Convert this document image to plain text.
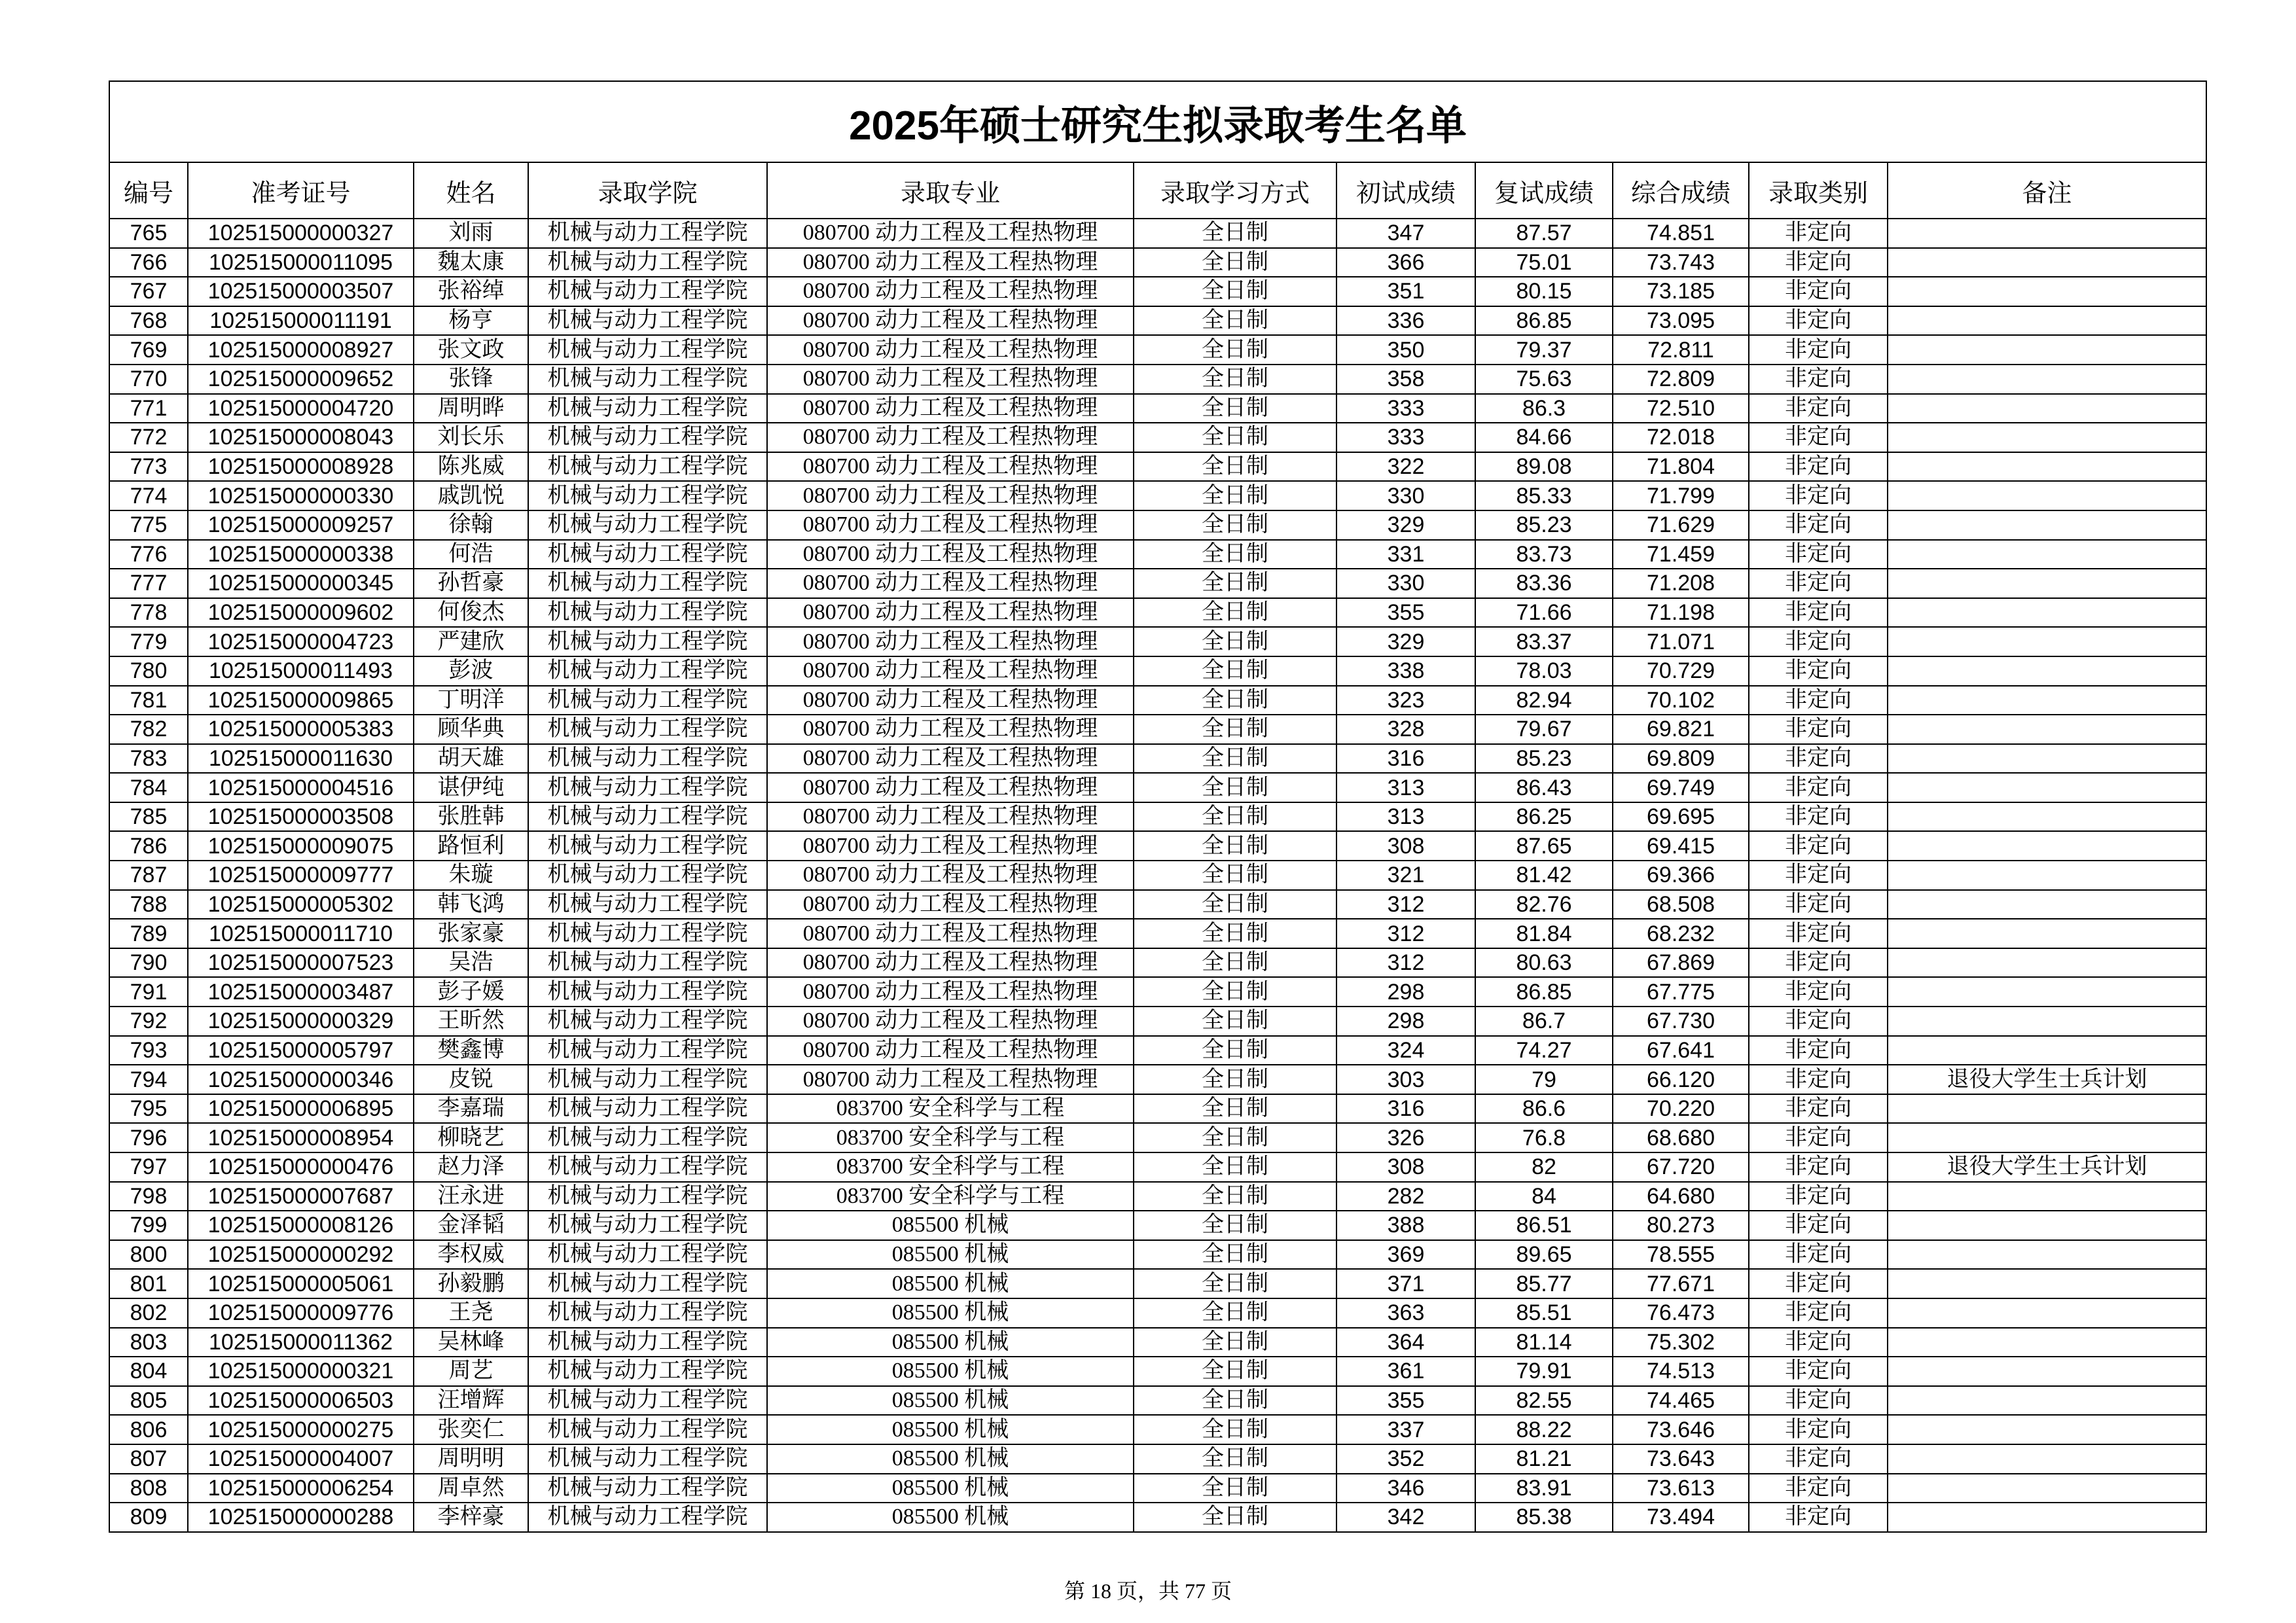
2025年硕士研究生拟录取考生名单										
编号	准考证号	姓名	录取学院	录取专业	录取学习方式	初试成绩	复试成绩	综合成绩	录取类别	备注
765	102515000000327	刘雨	机械与动力工程学院	080700 动力工程及工程热物理	全日制	347	87.57	74.851	非定向	
766	102515000011095	魏太康	机械与动力工程学院	080700 动力工程及工程热物理	全日制	366	75.01	73.743	非定向	
767	102515000003507	张裕绰	机械与动力工程学院	080700 动力工程及工程热物理	全日制	351	80.15	73.185	非定向	
768	102515000011191	杨亨	机械与动力工程学院	080700 动力工程及工程热物理	全日制	336	86.85	73.095	非定向	
769	102515000008927	张文政	机械与动力工程学院	080700 动力工程及工程热物理	全日制	350	79.37	72.811	非定向	
770	102515000009652	张锋	机械与动力工程学院	080700 动力工程及工程热物理	全日制	358	75.63	72.809	非定向	
771	102515000004720	周明晔	机械与动力工程学院	080700 动力工程及工程热物理	全日制	333	86.3	72.510	非定向	
772	102515000008043	刘长乐	机械与动力工程学院	080700 动力工程及工程热物理	全日制	333	84.66	72.018	非定向	
773	102515000008928	陈兆威	机械与动力工程学院	080700 动力工程及工程热物理	全日制	322	89.08	71.804	非定向	
774	102515000000330	戚凯悦	机械与动力工程学院	080700 动力工程及工程热物理	全日制	330	85.33	71.799	非定向	
775	102515000009257	徐翰	机械与动力工程学院	080700 动力工程及工程热物理	全日制	329	85.23	71.629	非定向	
776	102515000000338	何浩	机械与动力工程学院	080700 动力工程及工程热物理	全日制	331	83.73	71.459	非定向	
777	102515000000345	孙哲豪	机械与动力工程学院	080700 动力工程及工程热物理	全日制	330	83.36	71.208	非定向	
778	102515000009602	何俊杰	机械与动力工程学院	080700 动力工程及工程热物理	全日制	355	71.66	71.198	非定向	
779	102515000004723	严建欣	机械与动力工程学院	080700 动力工程及工程热物理	全日制	329	83.37	71.071	非定向	
780	102515000011493	彭波	机械与动力工程学院	080700 动力工程及工程热物理	全日制	338	78.03	70.729	非定向	
781	102515000009865	丁明洋	机械与动力工程学院	080700 动力工程及工程热物理	全日制	323	82.94	70.102	非定向	
782	102515000005383	顾华典	机械与动力工程学院	080700 动力工程及工程热物理	全日制	328	79.67	69.821	非定向	
783	102515000011630	胡天雄	机械与动力工程学院	080700 动力工程及工程热物理	全日制	316	85.23	69.809	非定向	
784	102515000004516	谌伊纯	机械与动力工程学院	080700 动力工程及工程热物理	全日制	313	86.43	69.749	非定向	
785	102515000003508	张胜韩	机械与动力工程学院	080700 动力工程及工程热物理	全日制	313	86.25	69.695	非定向	
786	102515000009075	路恒利	机械与动力工程学院	080700 动力工程及工程热物理	全日制	308	87.65	69.415	非定向	
787	102515000009777	朱璇	机械与动力工程学院	080700 动力工程及工程热物理	全日制	321	81.42	69.366	非定向	
788	102515000005302	韩飞鸿	机械与动力工程学院	080700 动力工程及工程热物理	全日制	312	82.76	68.508	非定向	
789	102515000011710	张家豪	机械与动力工程学院	080700 动力工程及工程热物理	全日制	312	81.84	68.232	非定向	
790	102515000007523	吴浩	机械与动力工程学院	080700 动力工程及工程热物理	全日制	312	80.63	67.869	非定向	
791	102515000003487	彭子媛	机械与动力工程学院	080700 动力工程及工程热物理	全日制	298	86.85	67.775	非定向	
792	102515000000329	王昕然	机械与动力工程学院	080700 动力工程及工程热物理	全日制	298	86.7	67.730	非定向	
793	102515000005797	樊鑫博	机械与动力工程学院	080700 动力工程及工程热物理	全日制	324	74.27	67.641	非定向	
794	102515000000346	皮锐	机械与动力工程学院	080700 动力工程及工程热物理	全日制	303	79	66.120	非定向	退役大学生士兵计划
795	102515000006895	李嘉瑞	机械与动力工程学院	083700 安全科学与工程	全日制	316	86.6	70.220	非定向	
796	102515000008954	柳晓艺	机械与动力工程学院	083700 安全科学与工程	全日制	326	76.8	68.680	非定向	
797	102515000000476	赵力泽	机械与动力工程学院	083700 安全科学与工程	全日制	308	82	67.720	非定向	退役大学生士兵计划
798	102515000007687	汪永进	机械与动力工程学院	083700 安全科学与工程	全日制	282	84	64.680	非定向	
799	102515000008126	金泽韬	机械与动力工程学院	085500 机械	全日制	388	86.51	80.273	非定向	
800	102515000000292	李权威	机械与动力工程学院	085500 机械	全日制	369	89.65	78.555	非定向	
801	102515000005061	孙毅鹏	机械与动力工程学院	085500 机械	全日制	371	85.77	77.671	非定向	
802	102515000009776	王尧	机械与动力工程学院	085500 机械	全日制	363	85.51	76.473	非定向	
803	102515000011362	吴林峰	机械与动力工程学院	085500 机械	全日制	364	81.14	75.302	非定向	
804	102515000000321	周艺	机械与动力工程学院	085500 机械	全日制	361	79.91	74.513	非定向	
805	102515000006503	汪增辉	机械与动力工程学院	085500 机械	全日制	355	82.55	74.465	非定向	
806	102515000000275	张奕仁	机械与动力工程学院	085500 机械	全日制	337	88.22	73.646	非定向	
807	102515000004007	周明明	机械与动力工程学院	085500 机械	全日制	352	81.21	73.643	非定向	
808	102515000006254	周卓然	机械与动力工程学院	085500 机械	全日制	346	83.91	73.613	非定向	
809	102515000000288	李梓豪	机械与动力工程学院	085500 机械	全日制	342	85.38	73.494	非定向	
第 18 页，共 77 页
